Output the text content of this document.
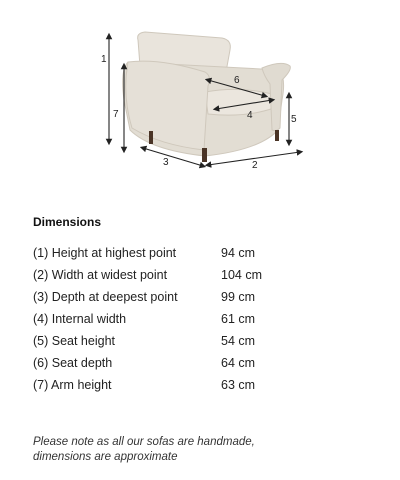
1
2
3
4	5
6
7
Dimensions
(1) Height at highest point	94 cm
(2) Width at widest point	104 cm
(3) Depth at deepest point	99 cm
(4) Internal width	61 cm
(5) Seat height	54 cm
(6) Seat depth	64 cm
(7) Arm height	63 cm
Please note as all our sofas are handmade,
dimensions are approximate
